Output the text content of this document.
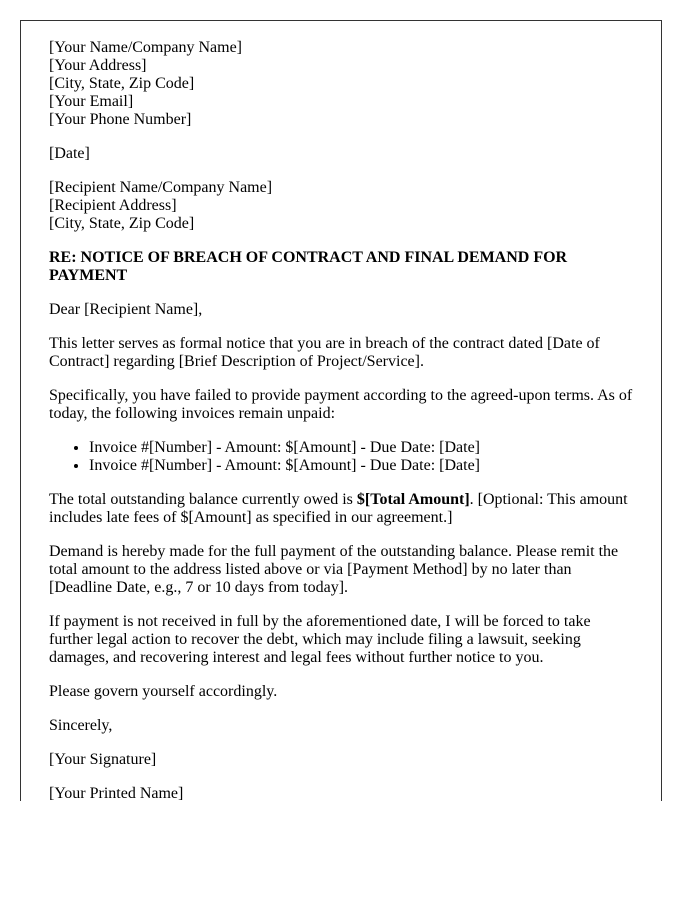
[Your Name/Company Name]
[Your Address]
[City, State, Zip Code]
[Your Email]
[Your Phone Number]

[Date]

[Recipient Name/Company Name]
[Recipient Address]
[City, State, Zip Code]

RE: NOTICE OF BREACH OF CONTRACT AND FINAL DEMAND FOR PAYMENT

Dear [Recipient Name],

This letter serves as formal notice that you are in breach of the contract dated [Date of Contract] regarding [Brief Description of Project/Service].

Specifically, you have failed to provide payment according to the agreed-upon terms. As of today, the following invoices remain unpaid:

• Invoice #[Number] - Amount: $[Amount] - Due Date: [Date]
• Invoice #[Number] - Amount: $[Amount] - Due Date: [Date]

The total outstanding balance currently owed is $[Total Amount]. [Optional: This amount includes late fees of $[Amount] as specified in our agreement.]

Demand is hereby made for the full payment of the outstanding balance. Please remit the total amount to the address listed above or via [Payment Method] by no later than [Deadline Date, e.g., 7 or 10 days from today].

If payment is not received in full by the aforementioned date, I will be forced to take further legal action to recover the debt, which may include filing a lawsuit, seeking damages, and recovering interest and legal fees without further notice to you.

Please govern yourself accordingly.

Sincerely,

[Your Signature]

[Your Printed Name]
